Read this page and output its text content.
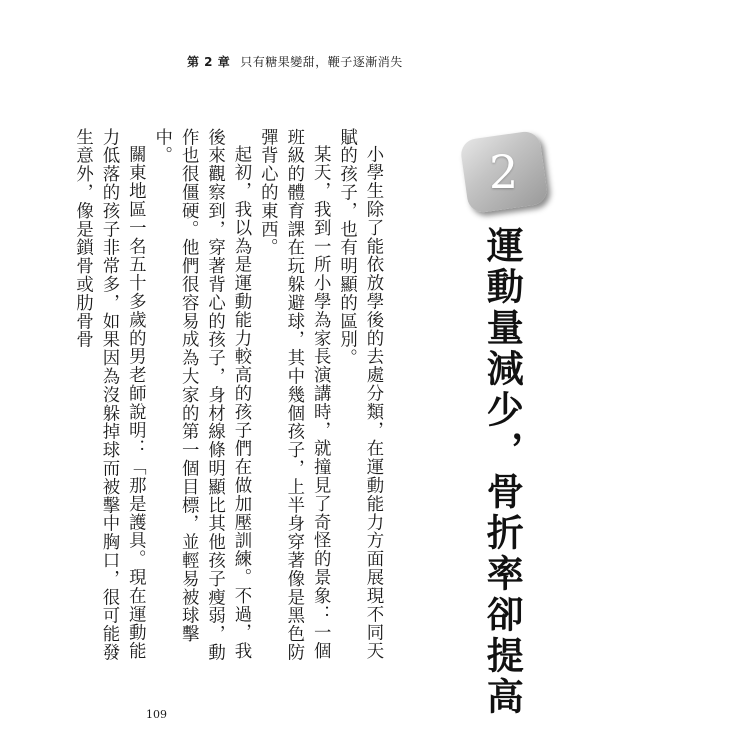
第 2 章 只有糖果變甜，鞭子逐漸消失
2
運動量減少，骨折率卻提高

小學生除了能依放學後的去處分類，在運動能力方面展現不同天賦的孩子，也有明顯的區別。

某天，我到一所小學為家長演講時，就撞見了奇怪的景象：一個班級的體育課在玩躲避球，其中幾個孩子，上半身穿著像是黑色防彈背心的東西。

起初，我以為是運動能力較高的孩子們在做加壓訓練。不過，我後來觀察到，穿著背心的孩子，身材線條明顯比其他孩子瘦弱，動作也很僵硬。他們很容易成為大家的第一個目標，並輕易被球擊中。

關東地區一名五十多歲的男老師說明：「那是護具。現在運動能力低落的孩子非常多，如果因為沒躲掉球而被擊中胸口，很可能發生意外，像是鎖骨或肋骨骨

109
